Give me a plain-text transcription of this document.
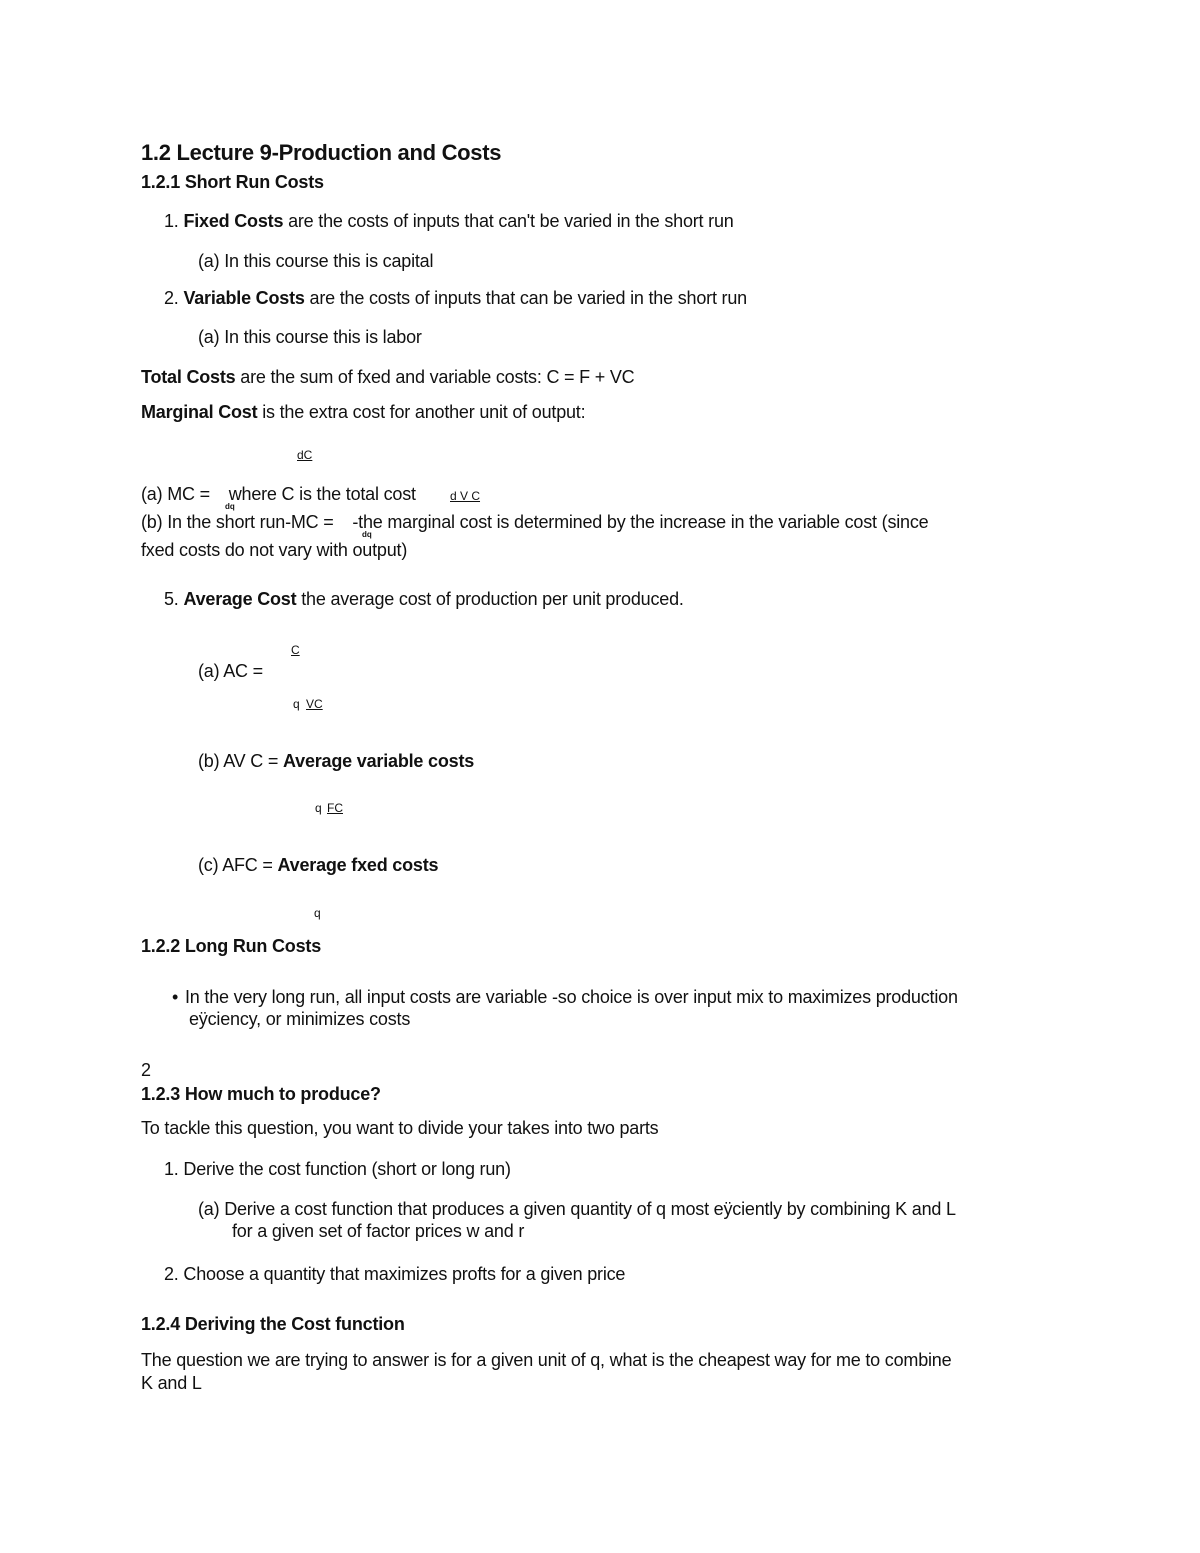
1.2 Lecture 9-Production and Costs
1.2.1 Short Run Costs
1. Fixed Costs are the costs of inputs that can't be varied in the short run
(a) In this course this is capital
2. Variable Costs are the costs of inputs that can be varied in the short run
(a) In this course this is labor
Total Costs are the sum of fxed and variable costs: C = F + VC
Marginal Cost is the extra cost for another unit of output:
dC
(a) MC = where C is the total cost	d V C
dq
(b) In the short run-MC = -the marginal cost is determined by the increase in the variable cost (since
dq
fxed costs do not vary with output)
5. Average Cost the average cost of production per unit produced.
C
(a) AC =
q VC
(b) AV C = Average variable costs
q FC
(c) AFC = Average fxed costs
q
1.2.2 Long Run Costs
• In the very long run, all input costs are variable -so choice is over input mix to maximizes production
eÿciency, or minimizes costs
2
1.2.3 How much to produce?
To tackle this question, you want to divide your takes into two parts
1. Derive the cost function (short or long run)
(a) Derive a cost function that produces a given quantity of q most eÿciently by combining K and L
for a given set of factor prices w and r
2. Choose a quantity that maximizes profts for a given price
1.2.4 Deriving the Cost function
The question we are trying to answer is for a given unit of q, what is the cheapest way for me to combine
K and L
